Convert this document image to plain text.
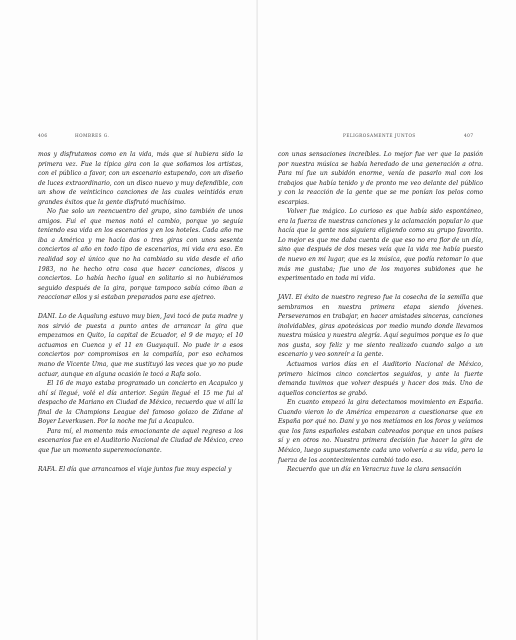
406	HOMBRES G.

mos y disfrutamos como en la vida, más que si hubiera sido la primera vez. Fue la típica gira con la que soñamos los artistas, con el público a favor, con un escenario estupendo, con un diseño de luces extraordinario, con un disco nuevo y muy defendible, con un show de veinticinco canciones de las cuales veintidós eran grandes éxitos que la gente disfrutó muchísimo.

No fue solo un reencuentro del grupo, sino también de unos amigos. Fui el que menos notó el cambio, porque yo seguía teniendo esa vida en los escenarios y en los hoteles. Cada año me iba a América y me hacía dos o tres giras con unos sesenta conciertos al año en todo tipo de escenarios, mi vida era eso. En realidad soy el único que no ha cambiado su vida desde el año 1983, no he hecho otra cosa que hacer canciones, discos y conciertos. Lo había hecho igual en solitario si no hubiéramos seguido después de la gira, porque tampoco sabía cómo iban a reaccionar ellos y si estaban preparados para ese ajetreo.

DANI. Lo de Aqualung estuvo muy bien, Javi tocó de puta madre y nos sirvió de puesta a punto antes de arrancar la gira que empezamos en Quito, la capital de Ecuador, el 9 de mayo; el 10 actuamos en Cuenca y el 11 en Guayaquil. No pude ir a esos conciertos por compromisos en la compañía, por eso echamos mano de Vicente Uma, que me sustituyó las veces que yo no pude actuar, aunque en alguna ocasión le tocó a Rafa solo.

El 16 de mayo estaba programado un concierto en Acapulco y ahí sí llegué, volé el día anterior. Según llegué el 15 me fui al despacho de Mariano en Ciudad de México, recuerdo que vi allí la final de la Champions League del famoso golazo de Zidane al Boyer Leverkusen. Por la noche me fui a Acapulco.

Para mí, el momento más emocionante de aquel regreso a los escenarios fue en el Auditorio Nacional de Ciudad de México, creo que fue un momento superemocionante.

RAFA. El día que arrancamos el viaje juntos fue muy especial y

PELIGROSAMENTE JUNTOS	407

con unas sensaciones increíbles. Lo mejor fue ver que la pasión por nuestra música se había heredado de una generación a otra. Para mí fue un subidón enorme, venía de pasarlo mal con los trabajos que había tenido y de pronto me veo delante del público y con la reacción de la gente que se me ponían los pelos como escarpias.

Volver fue mágico. Lo curioso es que había sido espontáneo, era la fuerza de nuestras canciones y la aclamación popular lo que hacía que la gente nos siguiera eligiendo como su grupo favorito. Lo mejor es que me daba cuenta de que eso no era flor de un día, sino que después de dos meses veía que la vida me había puesto de nuevo en mi lugar, que es la música, que podía retomar lo que más me gustaba; fue uno de los mayores subidones que he experimentado en toda mi vida.

JAVI. El éxito de nuestro regreso fue la cosecha de la semilla que sembramos en nuestra primera etapa siendo jóvenes. Perseveramos en trabajar, en hacer amistades sinceras, canciones inolvidables, giras apoteósicas por medio mundo donde llevamos nuestra música y nuestra alegría. Aquí seguimos porque es lo que nos gusta, soy feliz y me siento realizado cuando salgo a un escenario y veo sonreír a la gente.

Actuamos varios días en el Auditorio Nacional de México, primero hicimos cinco conciertos seguidos, y ante la fuerte demanda tuvimos que volver después y hacer dos más. Uno de aquellos conciertos se grabó.

En cuanto empezó la gira detectamos movimiento en España. Cuando vieron lo de América empezaron a cuestionarse que en España por qué no. Dani y yo nos metíamos en los foros y veíamos que los fans españoles estaban cabreados porque en unos países sí y en otros no. Nuestra primera decisión fue hacer la gira de México, luego supuestamente cada uno volvería a su vida, pero la fuerza de los acontecimientos cambió todo eso.

Recuerdo que un día en Veracruz tuve la clara sensación
